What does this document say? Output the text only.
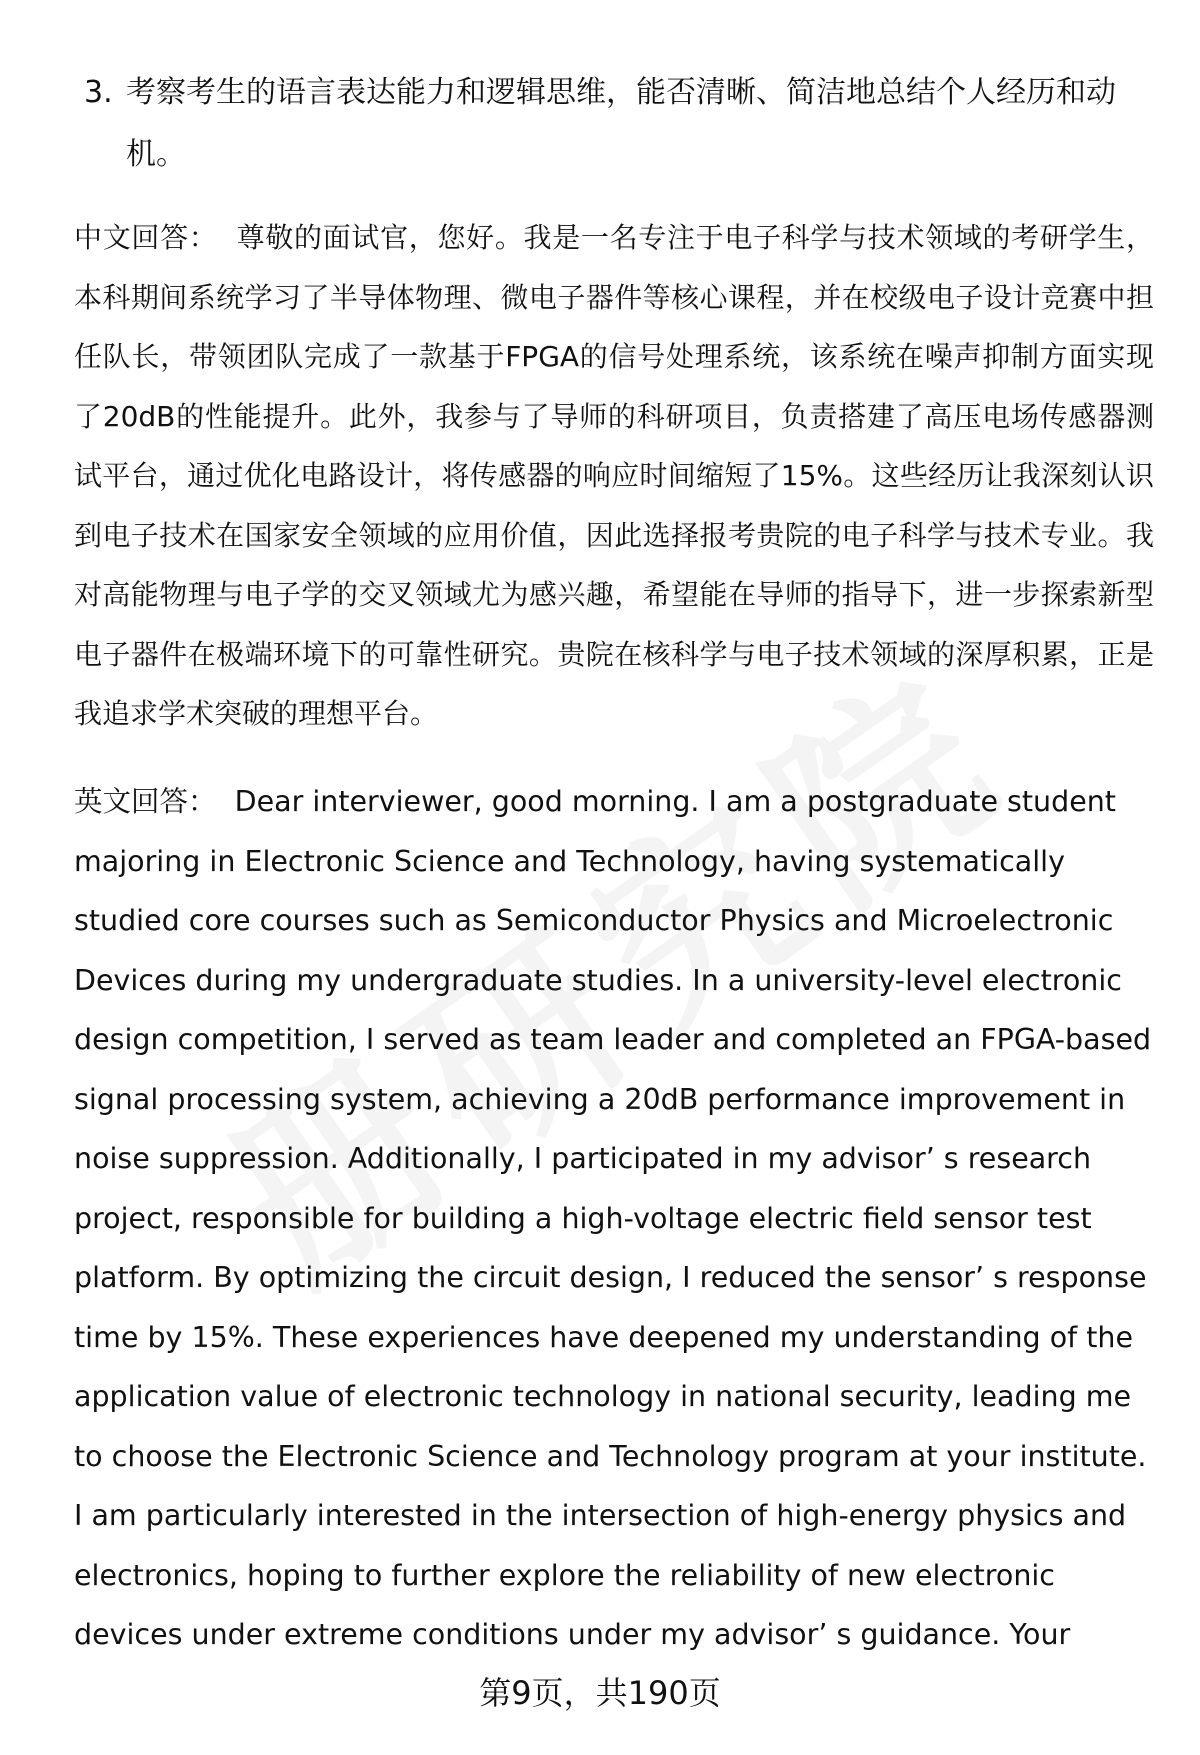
3. 考察考生的语言表达能力和逻辑思维，能否清晰、简洁地总结个人经历和动机。
中文回答： 尊敬的面试官，您好。我是一名专注于电子科学与技术领域的考研学生，本科期间系统学习了半导体物理、微电子器件等核心课程，并在校级电子设计竞赛中担任队长，带领团队完成了一款基于FPGA的信号处理系统，该系统在噪声抑制方面实现了20dB的性能提升。此外，我参与了导师的科研项目，负责搭建了高压电场传感器测试平台，通过优化电路设计，将传感器的响应时间缩短了15%。这些经历让我深刻认识到电子技术在国家安全领域的应用价值，因此选择报考贵院的电子科学与技术专业。我对高能物理与电子学的交叉领域尤为感兴趣，希望能在导师的指导下，进一步探索新型电子器件在极端环境下的可靠性研究。贵院在核科学与电子技术领域的深厚积累，正是我追求学术突破的理想平台。
英文回答： Dear interviewer, good morning. I am a postgraduate student majoring in Electronic Science and Technology, having systematically studied core courses such as Semiconductor Physics and Microelectronic Devices during my undergraduate studies. In a university-level electronic design competition, I served as team leader and completed an FPGA-based signal processing system, achieving a 20dB performance improvement in noise suppression. Additionally, I participated in my advisor’ s research project, responsible for building a high-voltage electric field sensor test platform. By optimizing the circuit design, I reduced the sensor’ s response time by 15%. These experiences have deepened my understanding of the application value of electronic technology in national security, leading me to choose the Electronic Science and Technology program at your institute. I am particularly interested in the intersection of high-energy physics and electronics, hoping to further explore the reliability of new electronic devices under extreme conditions under my advisor’ s guidance. Your
第9页，共190页
